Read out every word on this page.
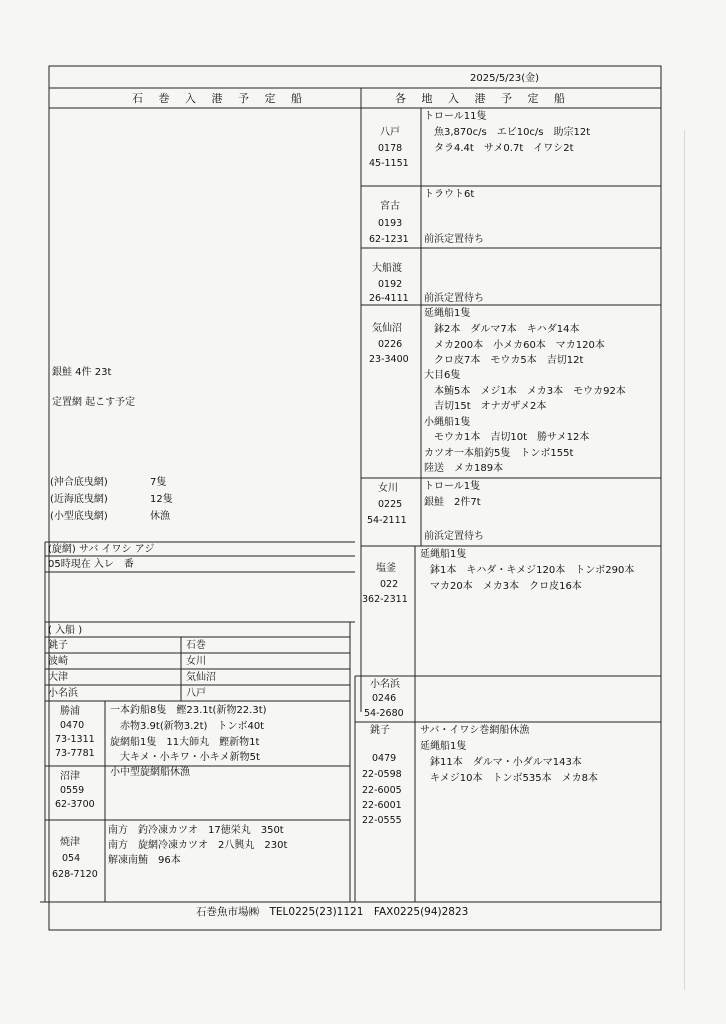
2025/5/23(金)
石 巻 入 港 予 定 船	各 地 入 港 予 定 船
銀鮭 4件 23t
定置網 起こす予定
(沖合底曳網)	7隻
(近海底曳網)	12隻
(小型底曳網)	休漁
(旋網) サバ イワシ アジ
05時現在 入レ　番
( 入船 )
銚子	石巻
波崎	女川
大津	気仙沼
小名浜	八戸
勝浦
0470
73-1311
73-7781
一本釣船8隻　鰹23.1t(新物22.3t)
　赤物3.9t(新物3.2t)　トンボ40t
旋網船1隻　11大師丸　鰹新物1t
　大キメ・小キワ・小キメ新物5t
沼津
0559
62-3700
小中型旋網船休漁
焼津
054
628-7120
南方　釣冷凍カツオ　17徳栄丸　350t
南方　旋網冷凍カツオ　2八興丸　230t
解凍南鮪　96本
八戸
0178
45-1151
トロール11隻
　魚3,870c/s　エビ10c/s　助宗12t
　タラ4.4t　サメ0.7t　イワシ2t
宮古
0193
62-1231
トラウト6t
前浜定置待ち
大船渡
0192
26-4111 前浜定置待ち
気仙沼
0226
23-3400
延縄船1隻
　鉢2本　ダルマ7本　キハダ14本
　メカ200本　小メカ60本　マカ120本
　クロ皮7本　モウカ5本　吉切12t
大目6隻
　本鮪5本　メジ1本　メカ3本　モウカ92本
　吉切15t　オナガザメ2本
小縄船1隻
　モウカ1本　吉切10t　勝サメ12本
カツオ一本船釣5隻　トンボ155t
陸送　メカ189本
女川
0225
54-2111
トロール1隻
銀鮭　2件7t
前浜定置待ち
塩釜
022
362-2311
延縄船1隻
　鉢1本　キハダ・キメジ120本　トンボ290本
　マカ20本　メカ3本　クロ皮16本
小名浜
0246
54-2680
銚子
0479
22-0598
22-6005
22-6001
22-0555
サバ・イワシ巻網船休漁
延縄船1隻
　鉢11本　ダルマ・小ダルマ143本
　キメジ10本　トンボ535本　メカ8本
石巻魚市場㈱　TEL0225(23)1121　FAX0225(94)2823
